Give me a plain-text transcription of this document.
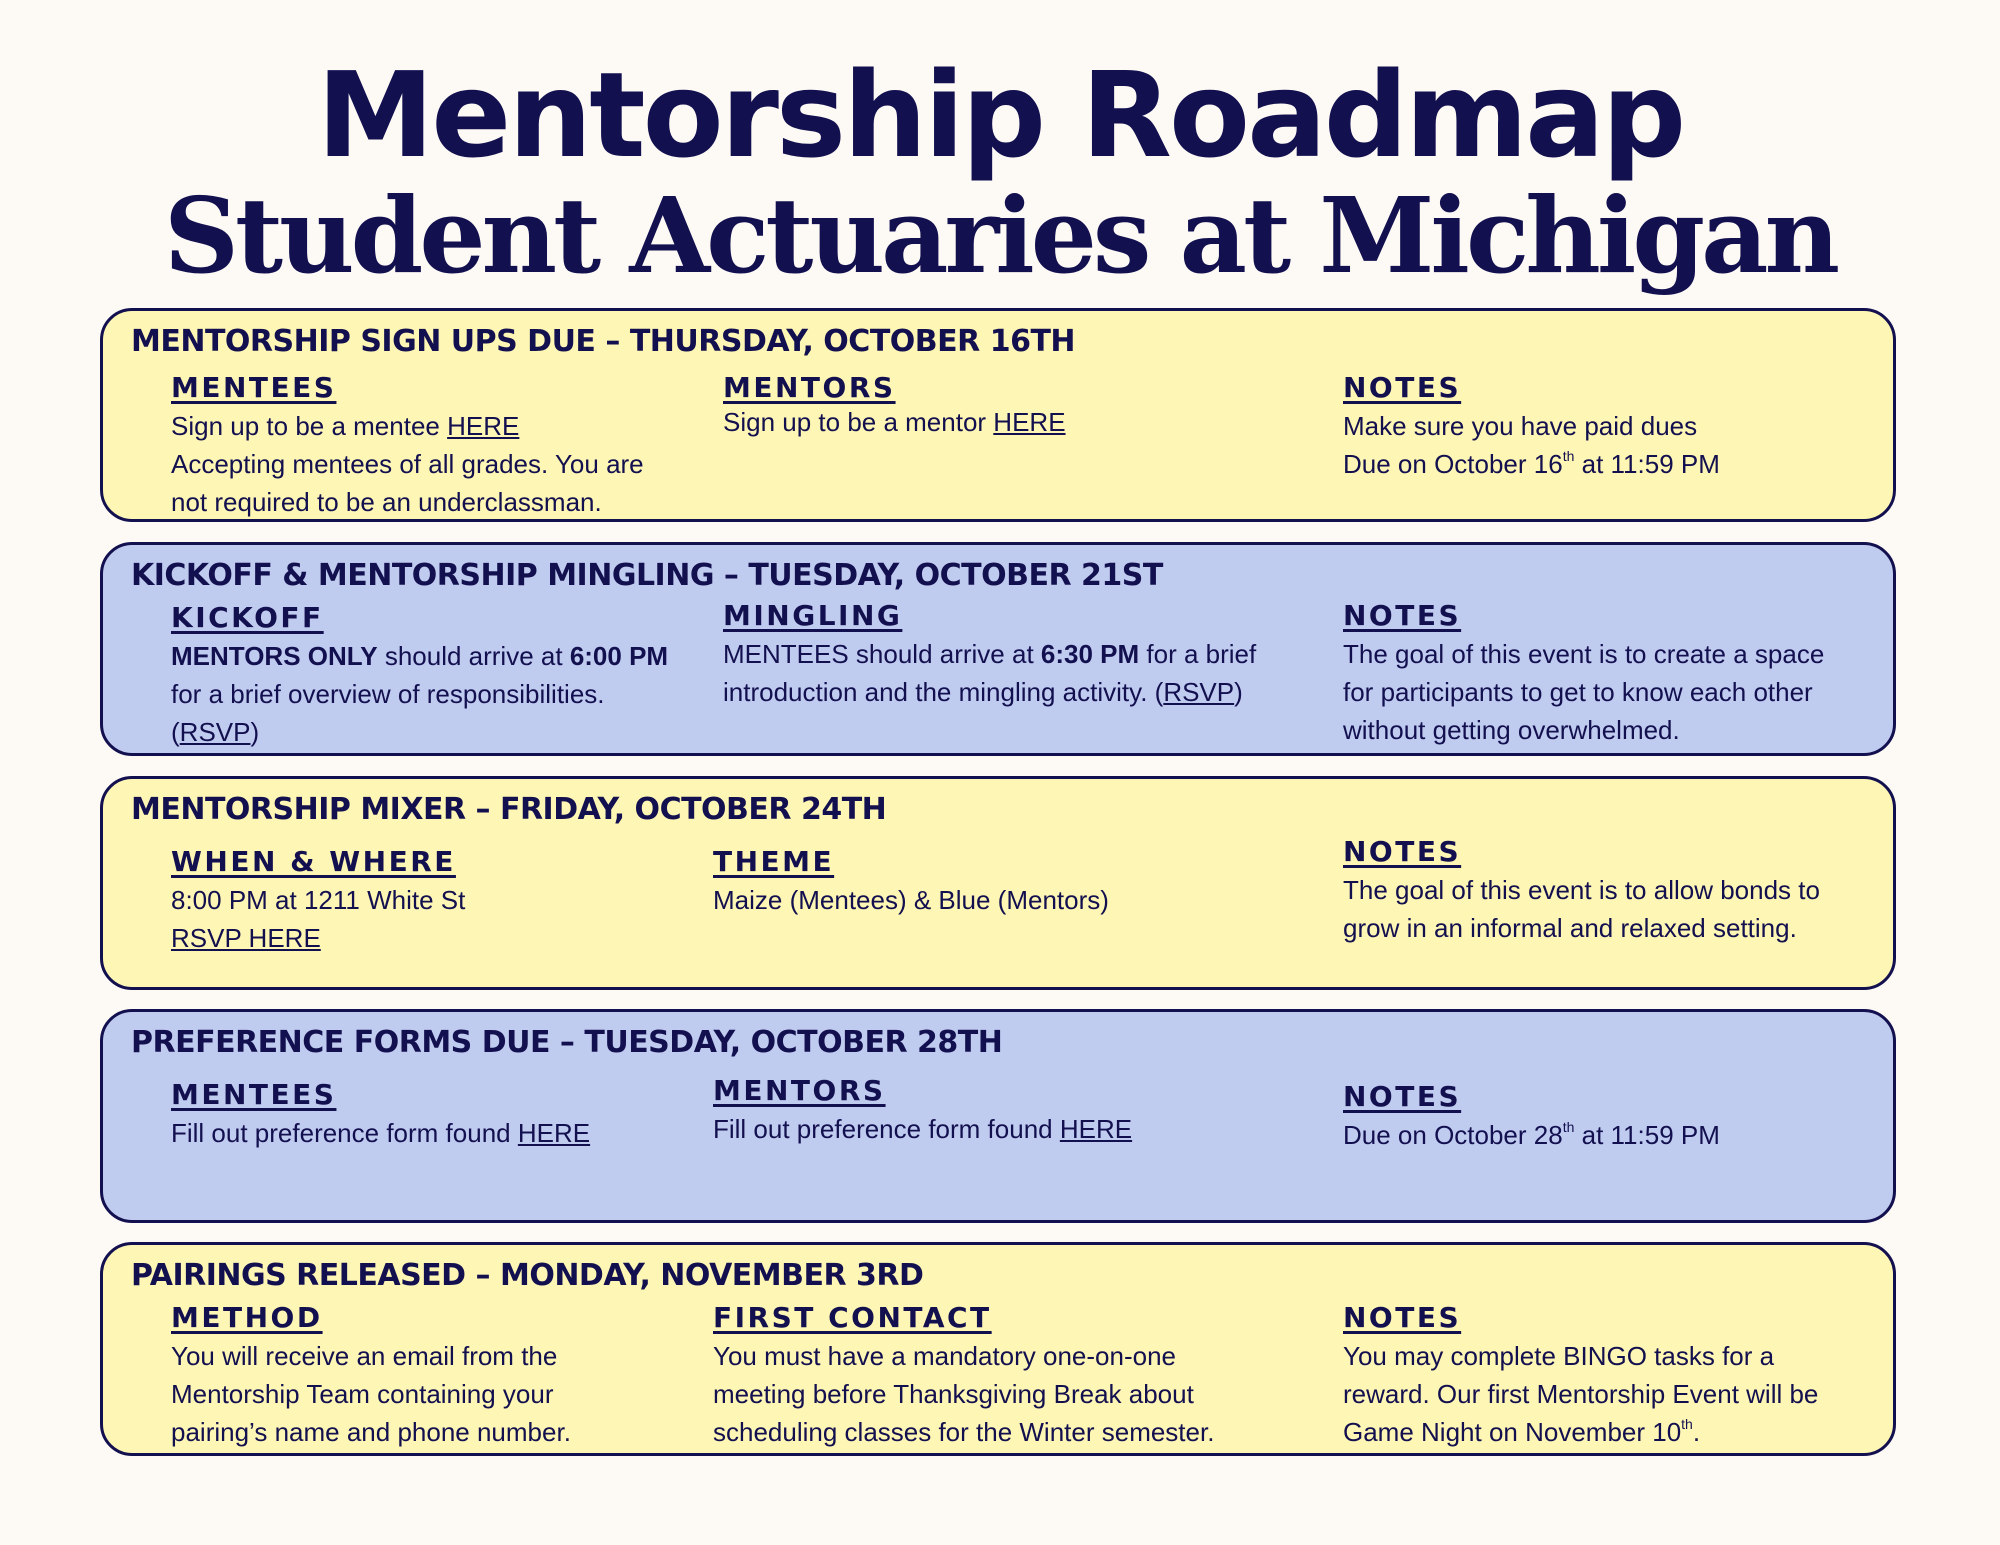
Mentorship Roadmap
Student Actuaries at Michigan
MENTORSHIP SIGN UPS DUE – THURSDAY, OCTOBER 16TH
MENTEES
Sign up to be a mentee HERE
Accepting mentees of all grades. You are
not required to be an underclassman.
MENTORS
Sign up to be a mentor HERE
NOTES
Make sure you have paid dues
Due on October 16th at 11:59 PM
KICKOFF & MENTORSHIP MINGLING – TUESDAY, OCTOBER 21ST
KICKOFF
MENTORS ONLY should arrive at 6:00 PM
for a brief overview of responsibilities.
(RSVP)
MINGLING
MENTEES should arrive at 6:30 PM for a brief
introduction and the mingling activity. (RSVP)
NOTES
The goal of this event is to create a space
for participants to get to know each other
without getting overwhelmed.
MENTORSHIP MIXER – FRIDAY, OCTOBER 24TH
WHEN & WHERE
8:00 PM at 1211 White St
RSVP HERE
THEME
Maize (Mentees) & Blue (Mentors)
NOTES
The goal of this event is to allow bonds to
grow in an informal and relaxed setting.
PREFERENCE FORMS DUE – TUESDAY, OCTOBER 28TH
MENTEES
Fill out preference form found HERE
MENTORS
Fill out preference form found HERE
NOTES
Due on October 28th at 11:59 PM
PAIRINGS RELEASED – MONDAY, NOVEMBER 3RD
METHOD
You will receive an email from the
Mentorship Team containing your
pairing’s name and phone number.
FIRST CONTACT
You must have a mandatory one-on-one
meeting before Thanksgiving Break about
scheduling classes for the Winter semester.
NOTES
You may complete BINGO tasks for a
reward. Our first Mentorship Event will be
Game Night on November 10th.
